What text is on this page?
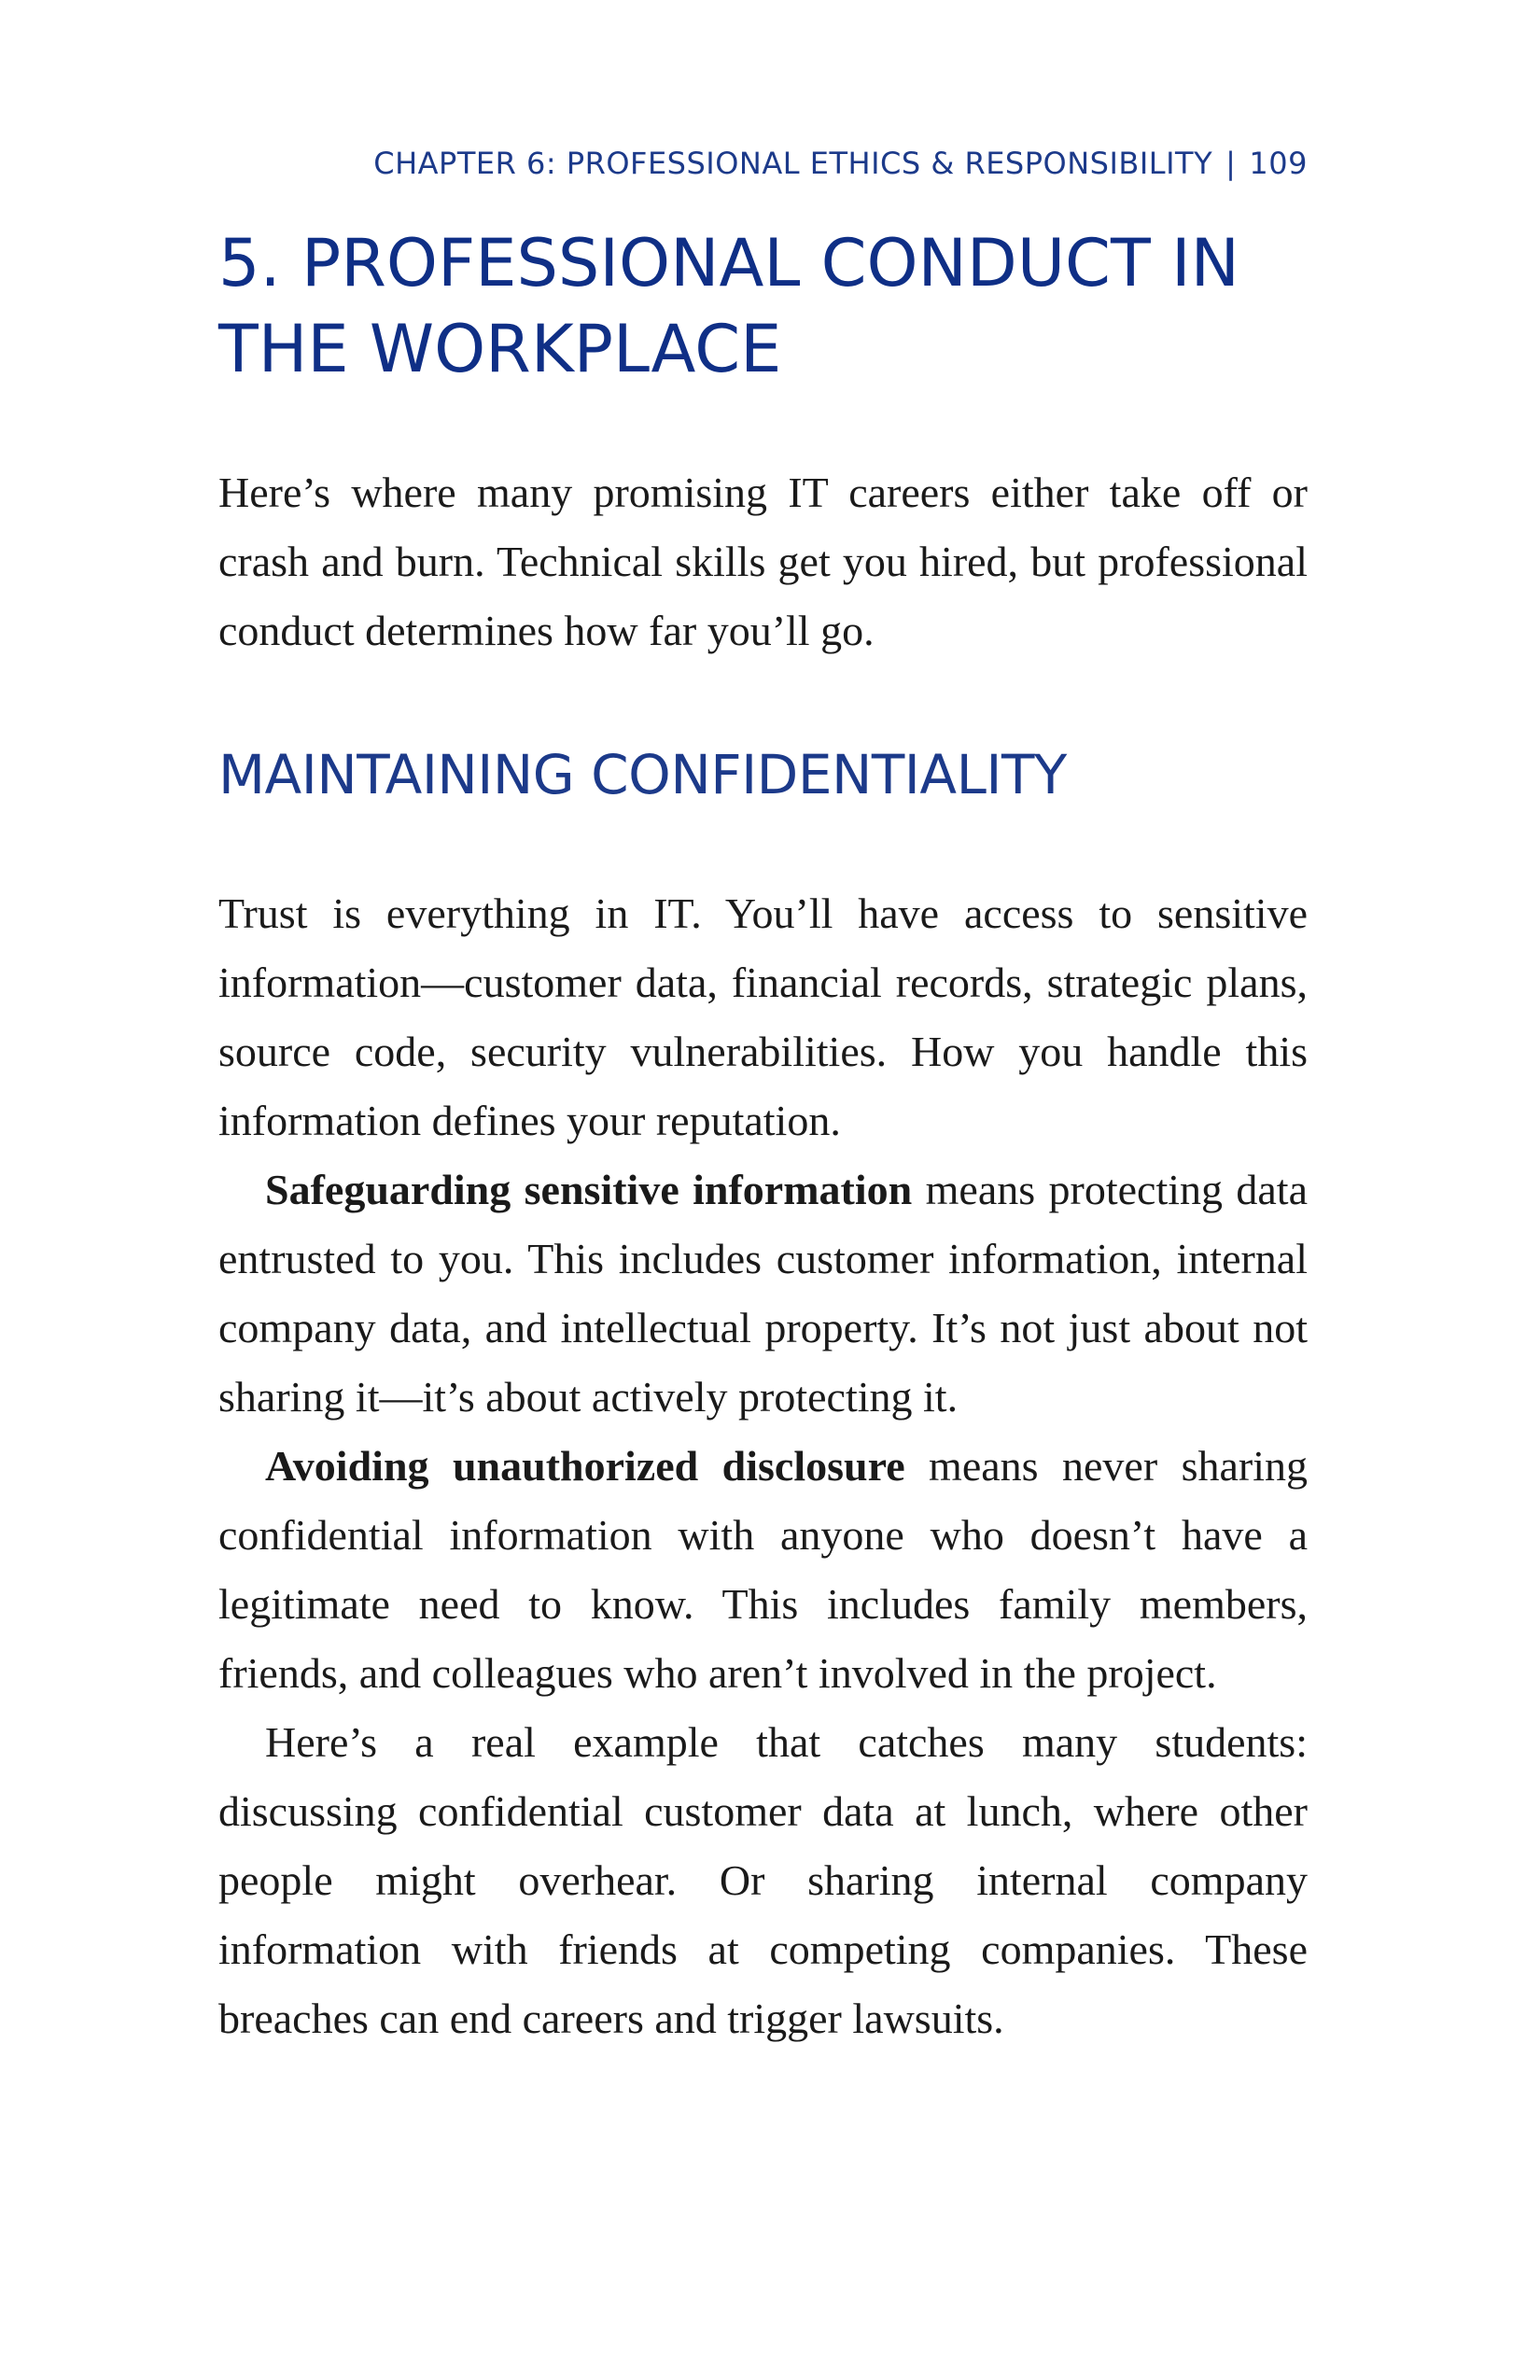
CHAPTER 6: PROFESSIONAL ETHICS & RESPONSIBILITY | 109
5. PROFESSIONAL CONDUCT IN THE WORKPLACE

Here’s where many promising IT careers either take off or crash and burn. Technical skills get you hired, but professional conduct determines how far you’ll go.

MAINTAINING CONFIDENTIALITY

Trust is everything in IT. You’ll have access to sensitive information—customer data, financial records, strategic plans, source code, security vulnerabilities. How you handle this information defines your reputation.

Safeguarding sensitive information means protecting data entrusted to you. This includes customer information, internal company data, and intellectual property. It’s not just about not sharing it—it’s about actively protecting it.

Avoiding unauthorized disclosure means never sharing confidential information with anyone who doesn’t have a legitimate need to know. This includes family members, friends, and colleagues who aren’t involved in the project.

Here’s a real example that catches many students: discussing confidential customer data at lunch, where other people might overhear. Or sharing internal company information with friends at competing companies. These breaches can end careers and trigger lawsuits.
